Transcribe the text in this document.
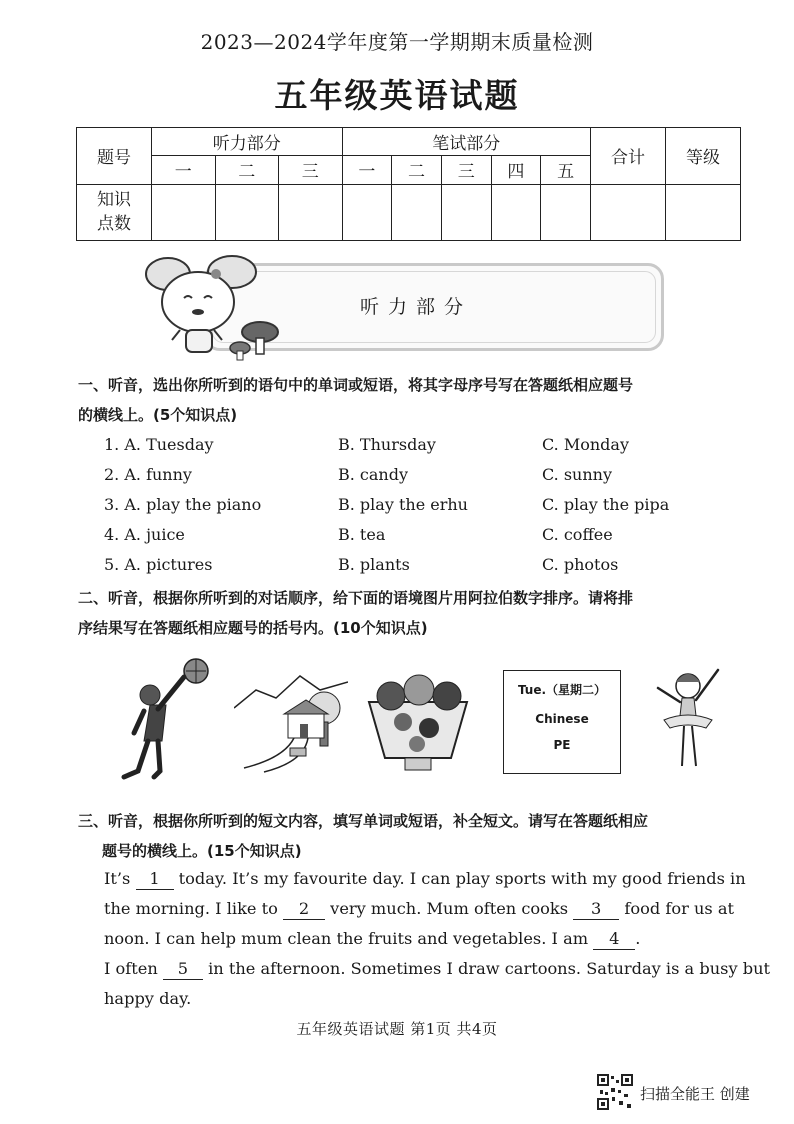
2023—2024学年度第一学期期末质量检测
五年级英语试题
题号	听力部分			笔试部分					合计	等级
	一	二	三	一	二	三	四	五		
知识
点数										
听力部分
一、听音，选出你所听到的语句中的单词或短语，将其字母序号写在答题纸相应题号
的横线上。(5个知识点)
1. A. Tuesday	B. Thursday	C. Monday
2. A. funny	B. candy	C. sunny
3. A. play the piano	B. play the erhu	C. play the pipa
4. A. juice	B. tea	C. coffee
5. A. pictures	B. plants	C. photos
二、听音，根据你所听到的对话顺序，给下面的语境图片用阿拉伯数字排序。请将排
序结果写在答题纸相应题号的括号内。(10个知识点)
Tue.（星期二）
Chinese
PE
三、听音，根据你所听到的短文内容，填写单词或短语，补全短文。请写在答题纸相应
题号的横线上。(15个知识点)
It’s 1 today. It’s my favourite day. I can play sports with my good friends in
the morning. I like to 2 very much. Mum often cooks 3 food for us at
noon. I can help mum clean the fruits and vegetables. I am 4 .
I often 5 in the afternoon. Sometimes I draw cartoons. Saturday is a busy but
happy day.
五年级英语试题 第1页 共4页
扫描全能王 创建
